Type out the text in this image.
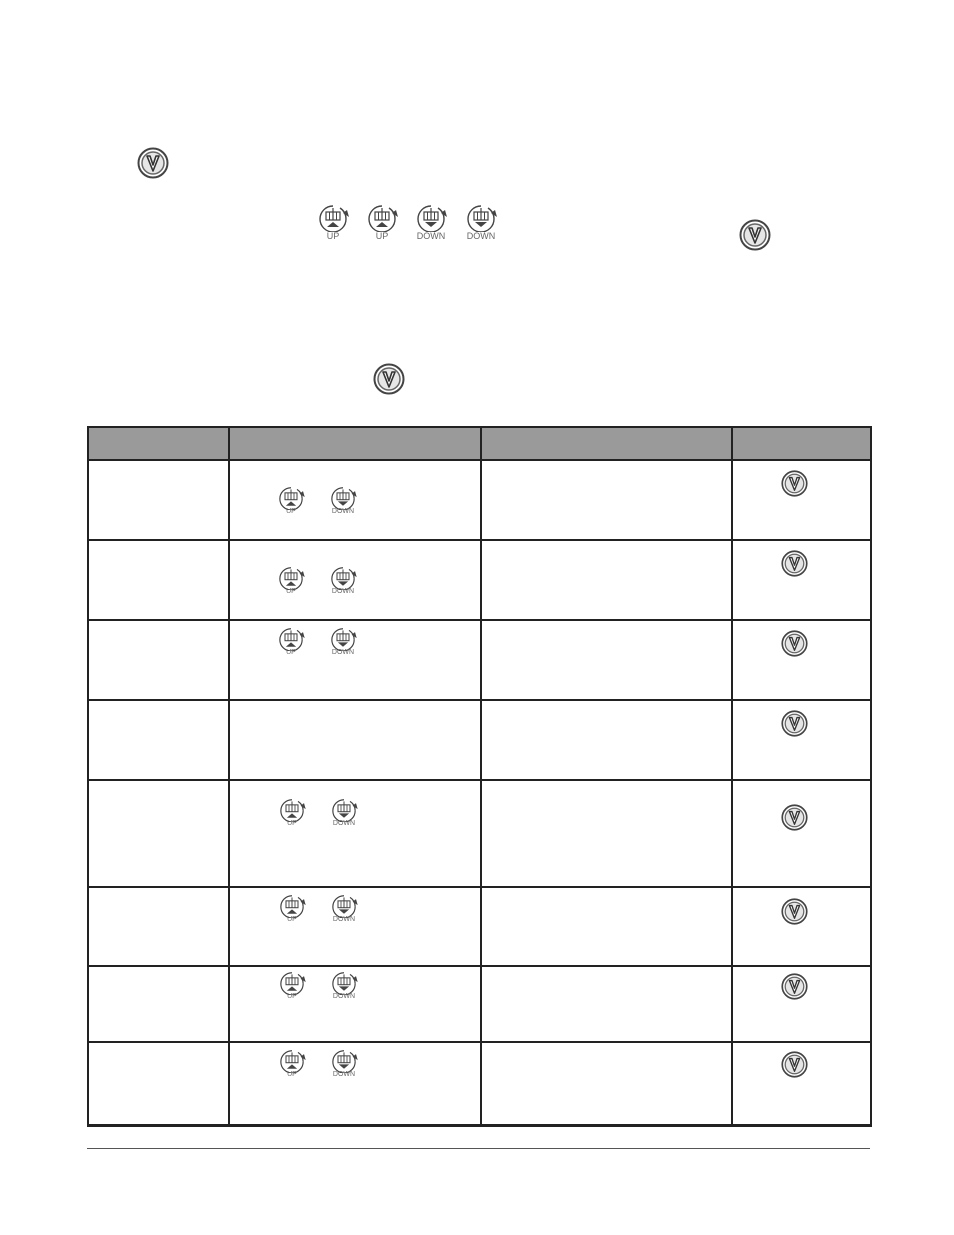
UP	UP	DOWN	DOWN

	UP DOWN

	UP DOWN

	UP DOWN

	UP DOWN

	UP DOWN

	UP DOWN

	UP DOWN
